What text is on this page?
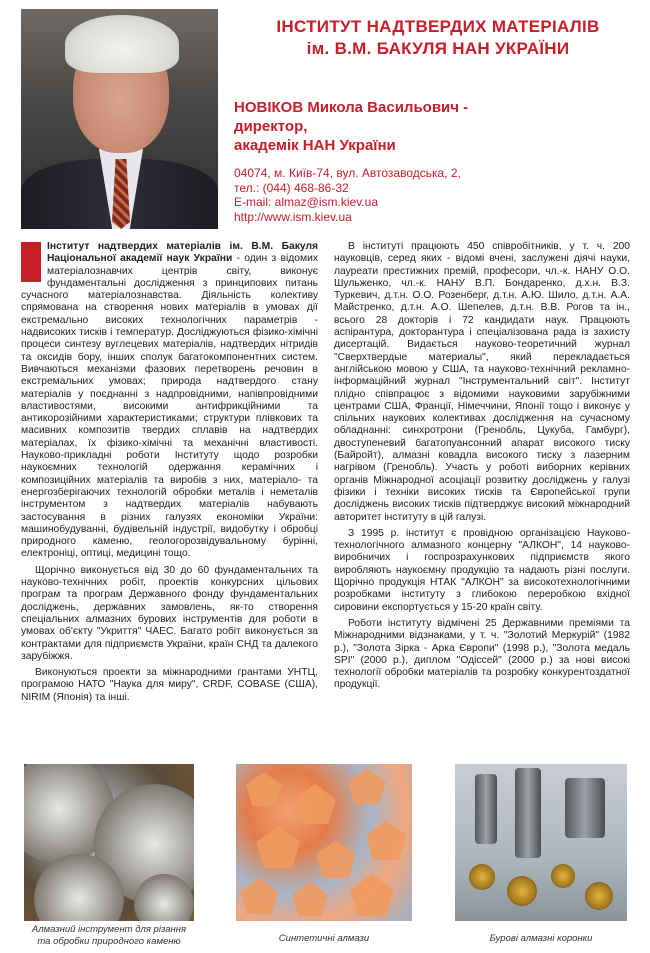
ІНСТИТУТ НАДТВЕРДИХ МАТЕРІАЛІВ
ім. В.М. БАКУЛЯ НАН УКРАЇНИ
НОВІКОВ Микола Васильович -
директор,
академік НАН України
04074, м. Київ-74, вул. Автозаводська, 2,
тел.: (044) 468-86-32
E-mail: almaz@ism.kiev.ua
http://www.ism.kiev.ua

Інститут надтвердих матеріалів ім. В.М. Бакуля Національної академії наук України - один з відомих матеріалознавчих центрів світу, виконує фундаментальні дослідження з принципових питань сучасного матеріалознавства. Діяльність колективу спрямована на створення нових матеріалів в умовах дії екстремально високих технологічних параметрів - надвисоких тисків і температур. Досліджуються фізико-хімічні процеси синтезу вуглецевих матеріалів, надтвердих нітридів та оксидів бору, інших сполук багатокомпонентних систем. Вивчаються механізми фазових перетворень речовин в екстремальних умовах; природа надтвердого стану матеріалів у поєднанні з надпровідними, напівпровідними властивостями, високими антифрикційними та антикорозійними характеристиками; структури плівкових та масивних композитів твердих сплавів на надтвердих матеріалах, їх фізико-хімічні та механічні властивості. Науково-прикладні роботи Інституту щодо розробки наукоємних технологій одержання керамічних і композиційних матеріалів та виробів з них, матеріало- та енергозберігаючих технологій обробки металів і неметалів інструментом з надтвердих матеріалів набувають застосування в різних галузях економіки України: машинобудуванні, будівельній індустрії, видобутку і обробці природного каменю, геологорозвідувальному бурінні, електроніці, оптиці, медицині тощо.

Щорічно виконується від 30 до 60 фундаментальних та науково-технічних робіт, проектів конкурсних цільових програм та програм Державного фонду фундаментальних досліджень, державних замовлень, як-то створення спеціальних алмазних бурових інструментів для роботи в умовах об'єкту "Укриття" ЧАЕС. Багато робіт виконується за контрактами для підприємств України, країн СНД та далекого зарубіжжя.

Виконуються проекти за міжнародними грантами УНТЦ, програмою НАТО "Наука для миру", CRDF, COBASE (США), NIRIM (Японія) та інші.

В інституті працюють 450 співробітників, у т. ч. 200 науковців, серед яких - відомі вчені, заслужені діячі науки, лауреати престижних премій, професори, чл.-к. НАНУ О.О. Шульженко, чл.-к. НАНУ В.П. Бондаренко, д.х.н. В.З. Туркевич, д.т.н. О.О. Розенберг, д.т.н. А.Ю. Шило, д.т.н. А.А. Майстренко, д.т.н. А.О. Шепелев, д.т.н. В.В. Рогов та ін., всього 28 докторів і 72 кандидати наук. Працюють аспірантура, докторантура і спеціалізована рада із захисту дисертацій. Видається науково-теоретичний журнал "Сверхтвердые материалы", який перекладається англійською мовою у США, та науково-технічний рекламно-інформаційний журнал "Інструментальний світ". Інститут плідно співпрацює з відомими науковими зарубіжними центрами США, Франції, Німеччини, Японії тощо і виконує у спільних наукових колективах дослідження на сучасному обладнанні: синхротрони (Гренобль, Цукуба, Гамбург), двоступеневий багатопуансонний апарат високого тиску (Байройт), алмазні ковадла високого тиску з лазерним нагрівом (Гренобль). Участь у роботі виборних керівних органів Міжнародної асоціації розвитку досліджень у галузі фізики і техніки високих тисків та Європейської групи досліджень високих тисків підтверджує високий міжнародний авторитет інституту в цій галузі.

З 1995 р. інститут є провідною організацією Науково-технологічного алмазного концерну "АЛКОН", 14 науково-виробничих і госпрозрахункових підприємств якого виробляють наукоємну продукцію та надають різні послуги. Щорічно продукція НТАК "АЛКОН" за високотехнологічними розробками інституту з глибокою переробкою вхідної сировини експортується у 15-20 країн світу.

Роботи інституту відмічені 25 Державними преміями та Міжнародними відзнаками, у т. ч. "Золотий Меркурій" (1982 р.), "Золота Зірка - Арка Європи" (1998 р.), "Золота медаль SPI" (2000 р.), диплом "Одіссей" (2000 р.) за нові високі технології обробки матеріалів та розробку конкурентоздатної продукції.

Алмазний інструмент для різання
та обробки природного каменю	Синтетичні алмази	Бурові алмазні коронки
